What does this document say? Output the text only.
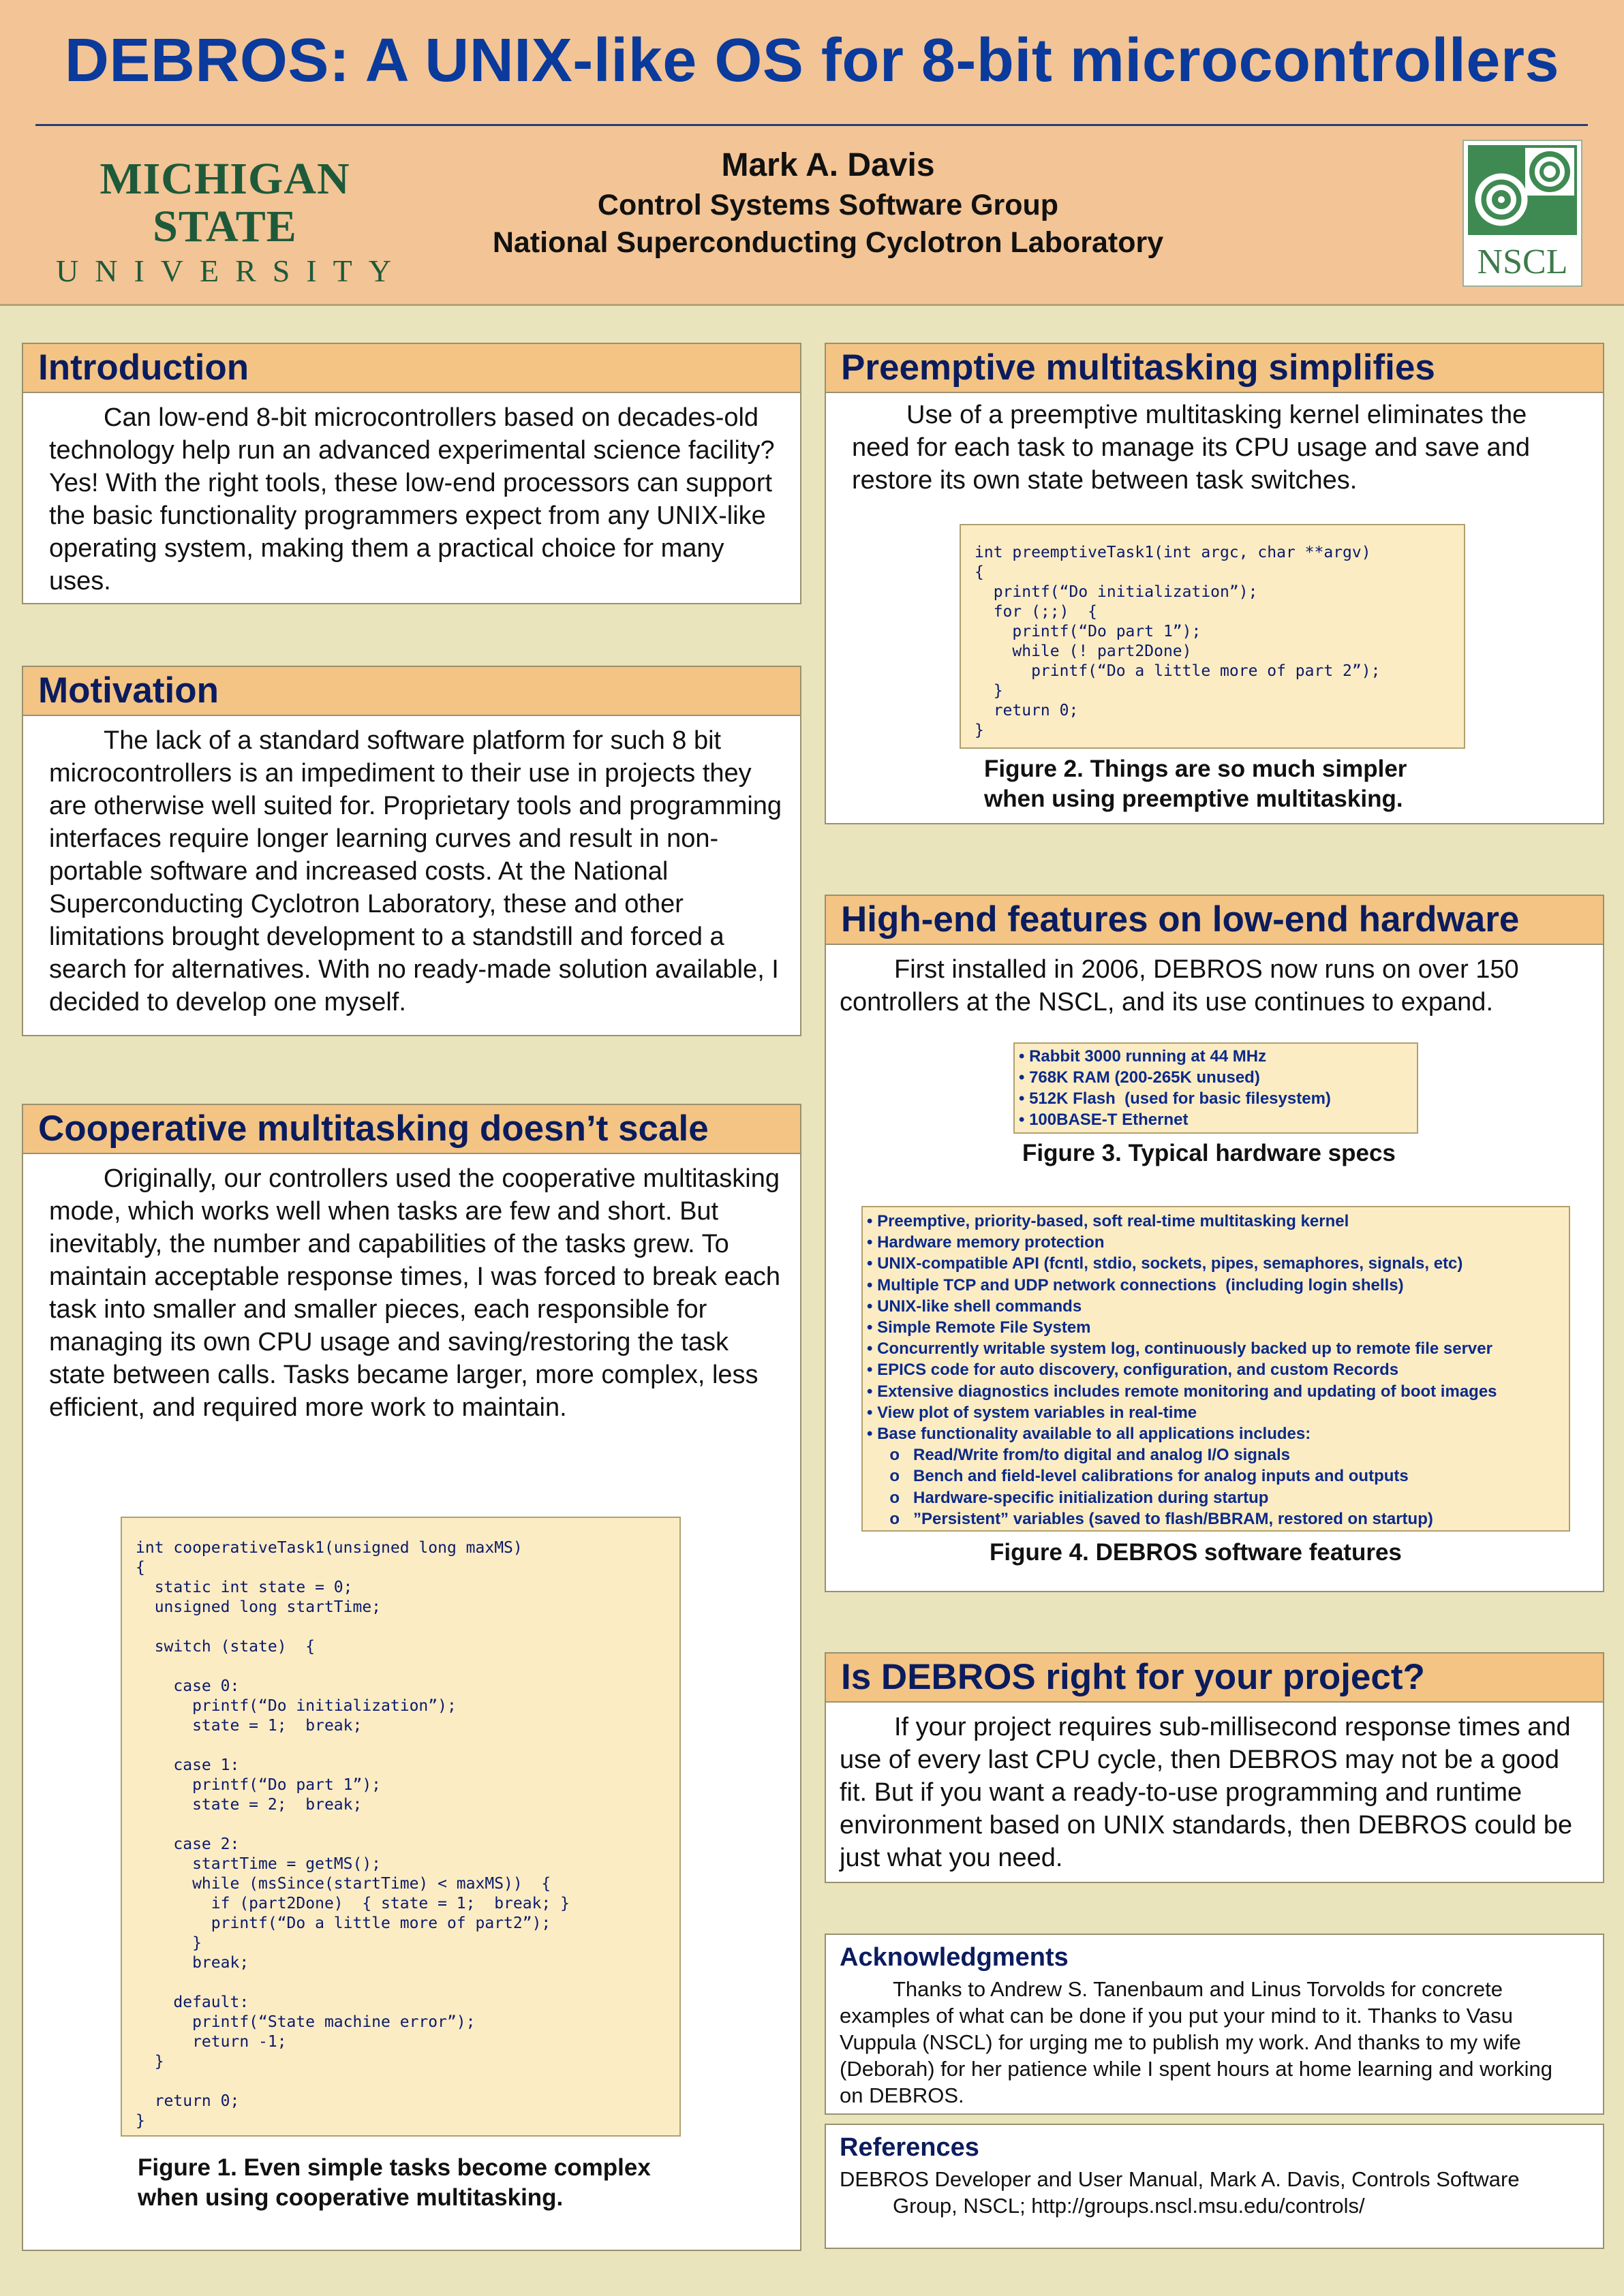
DEBROS: A UNIX-like OS for 8-bit microcontrollers
MICHIGAN STATE
UNIVERSITY
Mark A. Davis
Control Systems Software Group
National Superconducting Cyclotron Laboratory	NSCL
Introduction

Can low-end 8-bit microcontrollers based on decades-old technology help run an advanced experimental science facility? Yes! With the right tools, these low-end processors can support the basic functionality programmers expect from any UNIX-like operating system, making them a practical choice for many uses.

Motivation

The lack of a standard software platform for such 8 bit microcontrollers is an impediment to their use in projects they are otherwise well suited for. Proprietary tools and programming interfaces require longer learning curves and result in non-portable software and increased costs. At the National Superconducting Cyclotron Laboratory, these and other limitations brought development to a standstill and forced a search for alternatives. With no ready-made solution available, I decided to develop one myself.

Cooperative multitasking doesn’t scale

Originally, our controllers used the cooperative multitasking mode, which works well when tasks are few and short. But inevitably, the number and capabilities of the tasks grew. To maintain acceptable response times, I was forced to break each task into smaller and smaller pieces, each responsible for managing its own CPU usage and saving/restoring the task state between calls. Tasks became larger, more complex, less efficient, and required more work to maintain.

int cooperativeTask1(unsigned long maxMS)
{
static int state = 0;
unsigned long startTime;

switch (state)  {

case 0:
printf(“Do initialization”);
state = 1;  break;

case 1:
printf(“Do part 1”);
state = 2;  break;

case 2:
startTime = getMS();
while (msSince(startTime) < maxMS))  {
if (part2Done)  { state = 1;  break; }
printf(“Do a little more of part2”);
}
break;

default:
printf(“State machine error”);
return -1;
}

return 0;
}
Figure 1. Even simple tasks become complex
when using cooperative multitasking.
Preemptive multitasking simplifies

Use of a preemptive multitasking kernel eliminates the need for each task to manage its CPU usage and save and restore its own state between task switches.

int preemptiveTask1(int argc, char **argv)
{
printf(“Do initialization”);
for (;;)  {
printf(“Do part 1”);
while (! part2Done)
printf(“Do a little more of part 2”);
}
return 0;
}
Figure 2. Things are so much simpler
when using preemptive multitasking.
High-end features on low-end hardware

First installed in 2006, DEBROS now runs on over 150 controllers at the NSCL, and its use continues to expand.

• Rabbit 3000 running at 44 MHz
• 768K RAM (200-265K unused)
• 512K Flash  (used for basic filesystem)
• 100BASE-T Ethernet
Figure 3. Typical hardware specs
• Preemptive, priority-based, soft real-time multitasking kernel
• Hardware memory protection
• UNIX-compatible API (fcntl, stdio, sockets, pipes, semaphores, signals, etc)
• Multiple TCP and UDP network connections  (including login shells)
• UNIX-like shell commands
• Simple Remote File System
• Concurrently writable system log, continuously backed up to remote file server
• EPICS code for auto discovery, configuration, and custom Records
• Extensive diagnostics includes remote monitoring and updating of boot images
• View plot of system variables in real-time
• Base functionality available to all applications includes:
o   Read/Write from/to digital and analog I/O signals
o   Bench and field-level calibrations for analog inputs and outputs
o   Hardware-specific initialization during startup
o   ”Persistent” variables (saved to flash/BBRAM, restored on startup)
Figure 4. DEBROS software features
Is DEBROS right for your project?

If your project requires sub-millisecond response times and use of every last CPU cycle, then DEBROS may not be a good fit. But if you want a ready-to-use programming and runtime environment based on UNIX standards, then DEBROS could be just what you need.

Acknowledgments

Thanks to Andrew S. Tanenbaum and Linus Torvolds for concrete examples of what can be done if you put your mind to it. Thanks to Vasu Vuppula (NSCL) for urging me to publish my work. And thanks to my wife (Deborah) for her patience while I spent hours at home learning and working on DEBROS.

References
DEBROS Developer and User Manual, Mark A. Davis, Controls Software
Group, NSCL; http://groups.nscl.msu.edu/controls/
